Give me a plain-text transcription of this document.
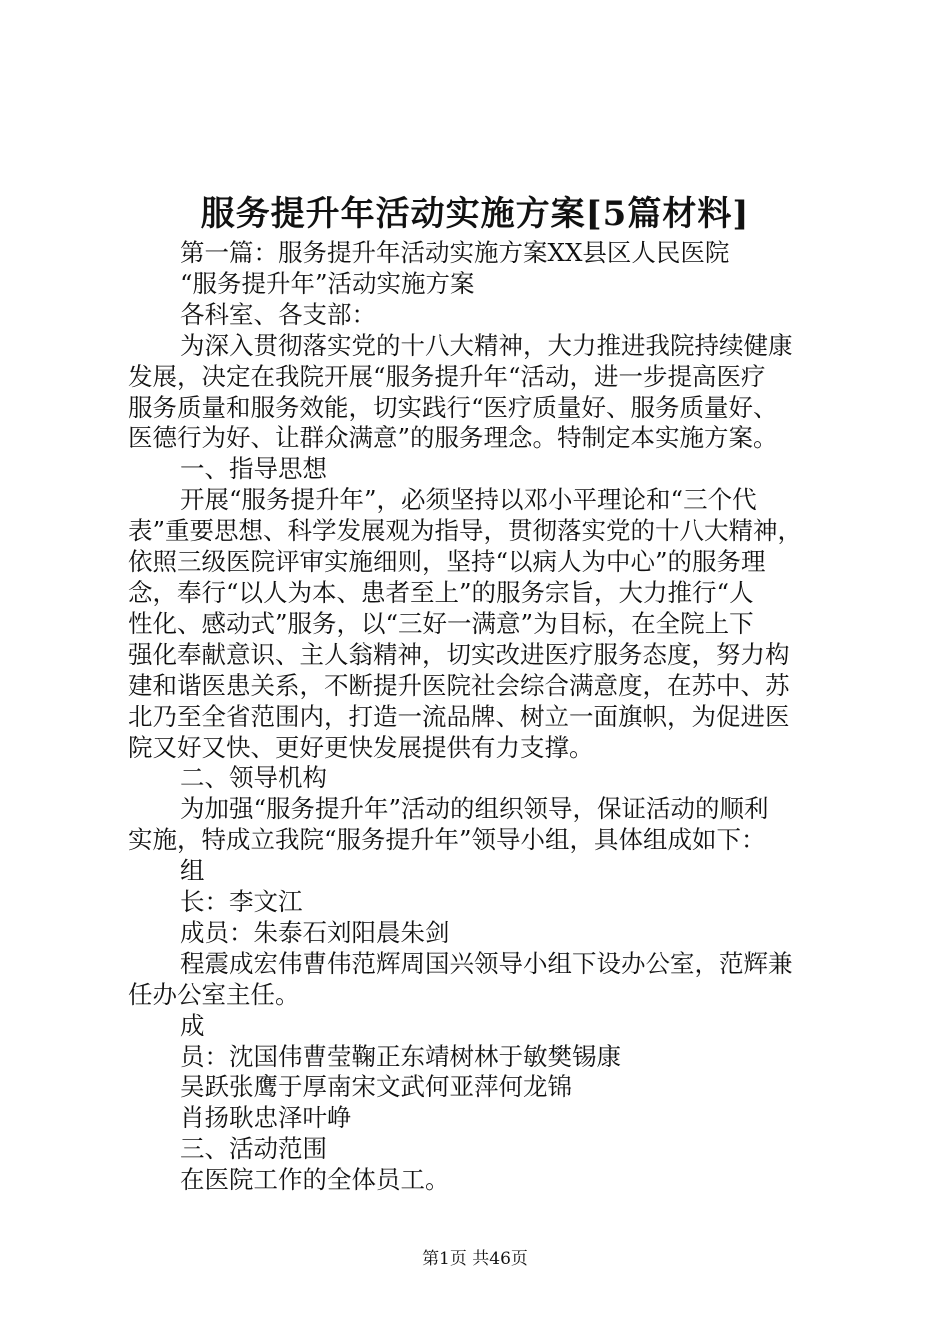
服务提升年活动实施方案[5篇材料]

第一篇：服务提升年活动实施方案XX县区人民医院

“服务提升年”活动实施方案

各科室、各支部：

为深入贯彻落实党的十八大精神，大力推进我院持续健康

发展，决定在我院开展“服务提升年“活动，进一步提高医疗

服务质量和服务效能，切实践行“医疗质量好、服务质量好、

医德行为好、让群众满意”的服务理念。特制定本实施方案。

一、指导思想

开展“服务提升年”，必须坚持以邓小平理论和“三个代

表”重要思想、科学发展观为指导，贯彻落实党的十八大精神，

依照三级医院评审实施细则，坚持“以病人为中心”的服务理

念，奉行“以人为本、患者至上”的服务宗旨，大力推行“人

性化、感动式”服务，以“三好一满意”为目标，在全院上下

强化奉献意识、主人翁精神，切实改进医疗服务态度，努力构

建和谐医患关系，不断提升医院社会综合满意度，在苏中、苏

北乃至全省范围内，打造一流品牌、树立一面旗帜，为促进医

院又好又快、更好更快发展提供有力支撑。

二、领导机构

为加强“服务提升年”活动的组织领导，保证活动的顺利

实施，特成立我院“服务提升年”领导小组，具体组成如下：

组

长：李文江

成员：朱泰石刘阳晨朱剑

程震成宏伟曹伟范辉周国兴领导小组下设办公室，范辉兼

任办公室主任。

成

员：沈国伟曹莹鞠正东靖树林于敏樊锡康

吴跃张鹰于厚南宋文武何亚萍何龙锦

肖扬耿忠泽叶峥

三、活动范围

在医院工作的全体员工。

第1页 共46页
